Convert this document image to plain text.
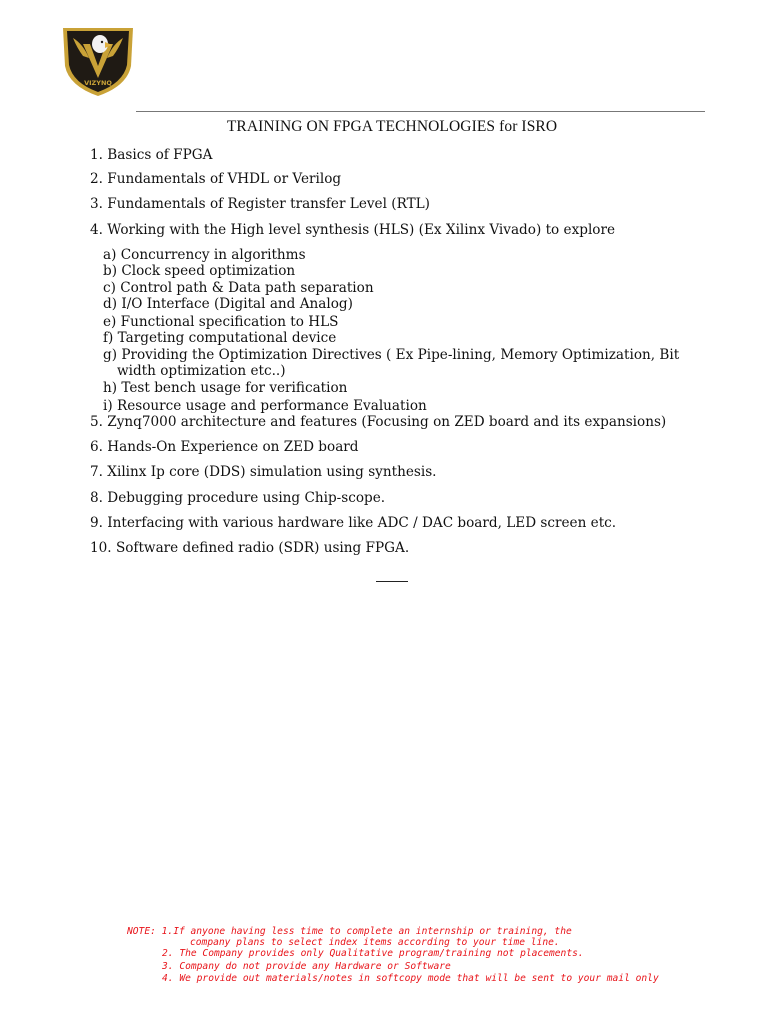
VIZYNQ
TRAINING ON FPGA TECHNOLOGIES for ISRO
1. Basics of FPGA
2. Fundamentals of VHDL or Verilog
3. Fundamentals of Register transfer Level (RTL)
4. Working with the High level synthesis (HLS) (Ex Xilinx Vivado) to explore
a) Concurrency in algorithms
b) Clock speed optimization
c) Control path & Data path separation
d) I/O Interface (Digital and Analog)
e) Functional specification to HLS
f) Targeting computational device
g) Providing the Optimization Directives ( Ex Pipe-lining, Memory Optimization, Bit
width optimization etc..)
h) Test bench usage for verification
i) Resource usage and performance Evaluation
5. Zynq7000 architecture and features (Focusing on ZED board and its expansions)
6. Hands-On Experience on ZED board
7. Xilinx Ip core (DDS) simulation using synthesis.
8. Debugging procedure using Chip-scope.
9. Interfacing with various hardware like ADC / DAC board, LED screen etc.
10. Software defined radio (SDR) using FPGA.
NOTE: 1.If anyone having less time to complete an internship or training, the
company plans to select index items according to your time line.
2. The Company provides only Qualitative program/training not placements.
3. Company do not provide any Hardware or Software
4. We provide out materials/notes in softcopy mode that will be sent to your mail only
